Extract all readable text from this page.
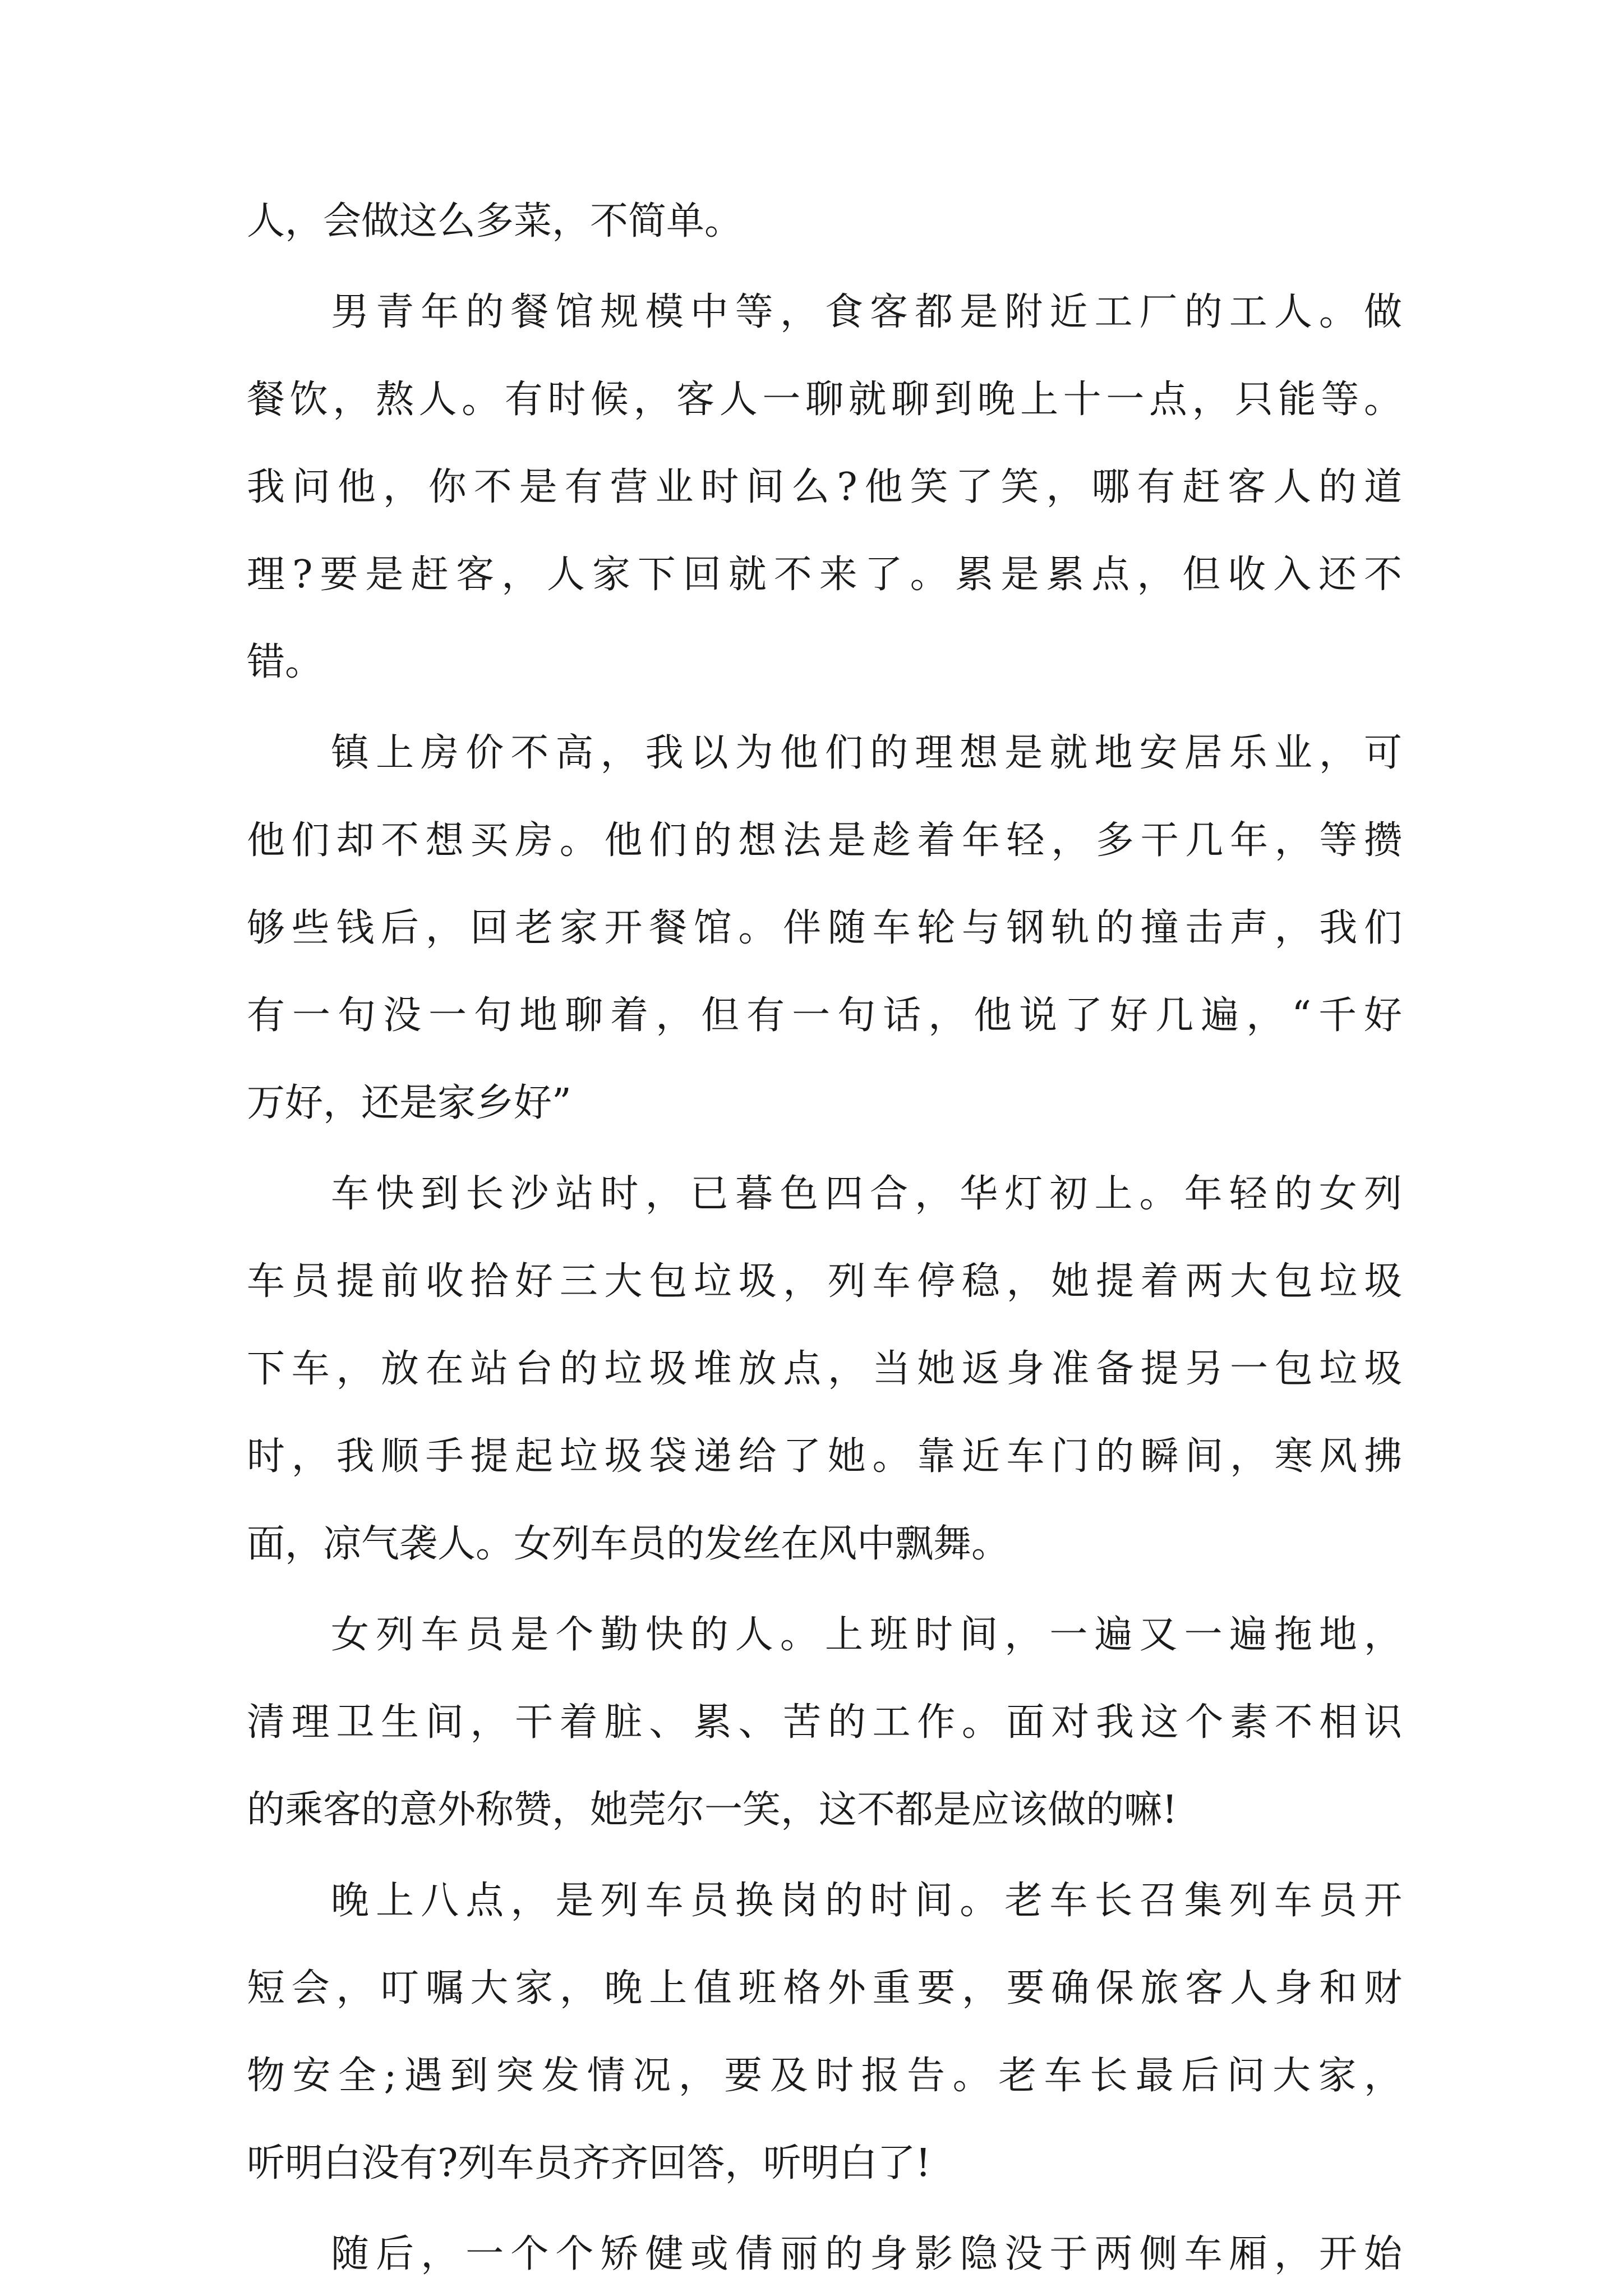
人，会做这么多菜，不简单。
男青年的餐馆规模中等，食客都是附近工厂的工人。做
餐饮，熬人。有时候，客人一聊就聊到晚上十一点，只能等。
我问他，你不是有营业时间么?他笑了笑，哪有赶客人的道
理?要是赶客，人家下回就不来了。累是累点，但收入还不
错。
镇上房价不高，我以为他们的理想是就地安居乐业，可
他们却不想买房。他们的想法是趁着年轻，多干几年，等攒
够些钱后，回老家开餐馆。伴随车轮与钢轨的撞击声，我们
有一句没一句地聊着，但有一句话，他说了好几遍，“千好
万好，还是家乡好”
车快到长沙站时，已暮色四合，华灯初上。年轻的女列
车员提前收拾好三大包垃圾，列车停稳，她提着两大包垃圾
下车，放在站台的垃圾堆放点，当她返身准备提另一包垃圾
时，我顺手提起垃圾袋递给了她。靠近车门的瞬间，寒风拂
面，凉气袭人。女列车员的发丝在风中飘舞。
女列车员是个勤快的人。上班时间，一遍又一遍拖地，
清理卫生间，干着脏、累、苦的工作。面对我这个素不相识
的乘客的意外称赞，她莞尔一笑，这不都是应该做的嘛!
晚上八点，是列车员换岗的时间。老车长召集列车员开
短会，叮嘱大家，晚上值班格外重要，要确保旅客人身和财
物安全;遇到突发情况，要及时报告。老车长最后问大家，
听明白没有?列车员齐齐回答，听明白了!
随后，一个个矫健或倩丽的身影隐没于两侧车厢，开始
